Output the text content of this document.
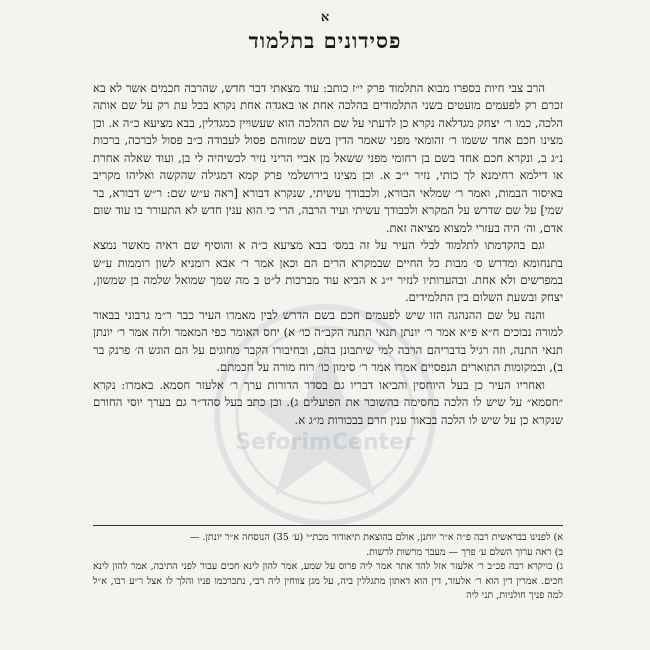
SeforimCenter
א
פסידונים בתלמוד

הרב צבי חיות בספרו מבוא התלמוד פרק י״ז כותב: עוד מצאתי דבר חדש, שהרבה חכמים אשר לא בא זכרם רק לפעמים מועטים בשני התלמודים בהלכה אחת או באגדה אחת נקרא בכל עת רק על שם אותה הלכה, כמו ר׳ יצחק מגדלאה נקרא כן לדעתי על שם ההלכה הוא שעשויין כמגדלין, בבא מציעא כ״ה א. וכן מצינו חכם אחד ששמו ר׳ זהומאי מפני שאמר הדין בשם שמזוהם פסול לעבודה כ״ב פסול לברכה, ברכות נ״ג ב, ונקרא חכם אחד בשם בן רחומי מפני ששאל מן אביי הריני נזיר לכשיהיה לי בן, ועוד שאלה אחרת או דילמא רחימנא לך כותי, נזיר י״ב א. וכן מצינו בירושלמי פרק קמא דמגילה שהקשה ואליהו מקריב באיסור הבמות, ואמר ר׳ שמלאי הבורא, ולכבודך עשיתי, שנקרא דבורא [ראה ע״ש שם: ר״ש דבורא, בר שמי] על שם שדרש על המקרא ולכבודך עשיתי ועיד הרבה, הרי כי הוא ענין חדש לא התעורר בו עוד שום אדם, וה׳ היה בעזרי למצוא מציאה זאת.

וגם בהקדמתו לתלמוד לבלי העיר על זה במס׳ בבא מציעא כ״ה א והוסיף שם ראיה מאשר נמצא בתנחומא ומדרש ס׳ מבות כל החיים שבמקרא הרים הם וכאן אמר ר׳ אבא רומניא לשון רוממות ע״ש במפרשים ולא אחת. ובהערותיו לנזיר י״ג א הביא עוד מברכות ל״ט ב מה שמך שמואל שלמה בן שמשון, יצחק ובשעת השלום בין התלמידים.

והנה על שם ההנהגה הזו שיש לפעמים חכם בשם הדרש לבין מאמרו העיר כבר ר״מ גרבוני בבאור למורה נבוכים ח״א פ״א אמר ר׳ יונתן תנאי התנה הקב״ה כו׳ א) יחס האומר כפי המאמר ולזה אמר ר׳ יונתן תנאי התנה, וזה רגיל בדבריהם הרבה למי שיתבונן בהם, ובחיבורו הקבר מחוגים על הם הוגש ה׳ פרנק בר ב), ובמקומות התוארים הנפסיים אמרו אמר ר׳ סימון כו׳ רוח מורה על חכמתם.

ואחריו העיר כן בעל היוחסין והביאו דבריו גם בסדר הדורות ערך ר׳ אלעזר חסמא. באמרו: נקרא ״חסמא״ על שיש לו הלכה בחסימה בהשוכר את הפועלים ג). וכן כתב בעל סהד״ר גם בערך יוסי החורם שנקרא כן על שיש לו הלכה בבאור ענין חרם בבכורות מ״ג א.

א) לפנינו בבראשית רבה פ״ה א״ר יוחנן, אולם בהוצאת תיאודור מכת״י (ע׳ 35) הנוסחה א״ר יונתן. —

ב) ראה ערוך השלם ע׳ פרך — מעבר מרשות לרשות.

ג) בויקרא רבה פכ״ב ר׳ אלעזר אזל להד אתר אמר ליה פרוס על שמע, אמר להון לינא חכים עבור לפני התיבה, אמר להון לינא חכים. אמרין דין הוא ר׳ אלעזר, דין הוא דאתון מתגללין ביה, על מגן צווחין ליה רבי, נתכרכמו פניו והלך לו אצל ר״ע רבו, א״ל למה פניך חולניות, תני ליה
